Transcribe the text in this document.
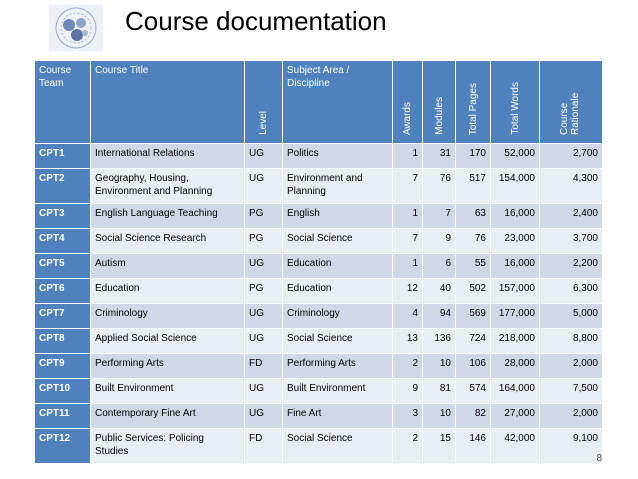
Course documentation
Course Team	Course Title	Level	Subject Area / Discipline	Awards	Modules	Total Pages	Total Words	Course Rationale
CPT1	International Relations	UG	Politics	1	31	170	52,000	2,700
CPT2	Geography, Housing, Environment and Planning	UG	Environment and Planning	7	76	517	154,000	4,300
CPT3	English Language Teaching	PG	English	1	7	63	16,000	2,400
CPT4	Social Science Research	PG	Social Science	7	9	76	23,000	3,700
CPT5	Autism	UG	Education	1	6	55	16,000	2,200
CPT6	Education	PG	Education	12	40	502	157,000	6,300
CPT7	Criminology	UG	Criminology	4	94	569	177,000	5,000
CPT8	Applied Social Science	UG	Social Science	13	136	724	218,000	8,800
CPT9	Performing Arts	FD	Performing Arts	2	10	106	28,000	2,000
CPT10	Built Environment	UG	Built Environment	9	81	574	164,000	7,500
CPT11	Contemporary Fine Art	UG	Fine Art	3	10	82	27,000	2,000
CPT12	Public Services: Policing Studies	FD	Social Science	2	15	146	42,000	9,100
8
